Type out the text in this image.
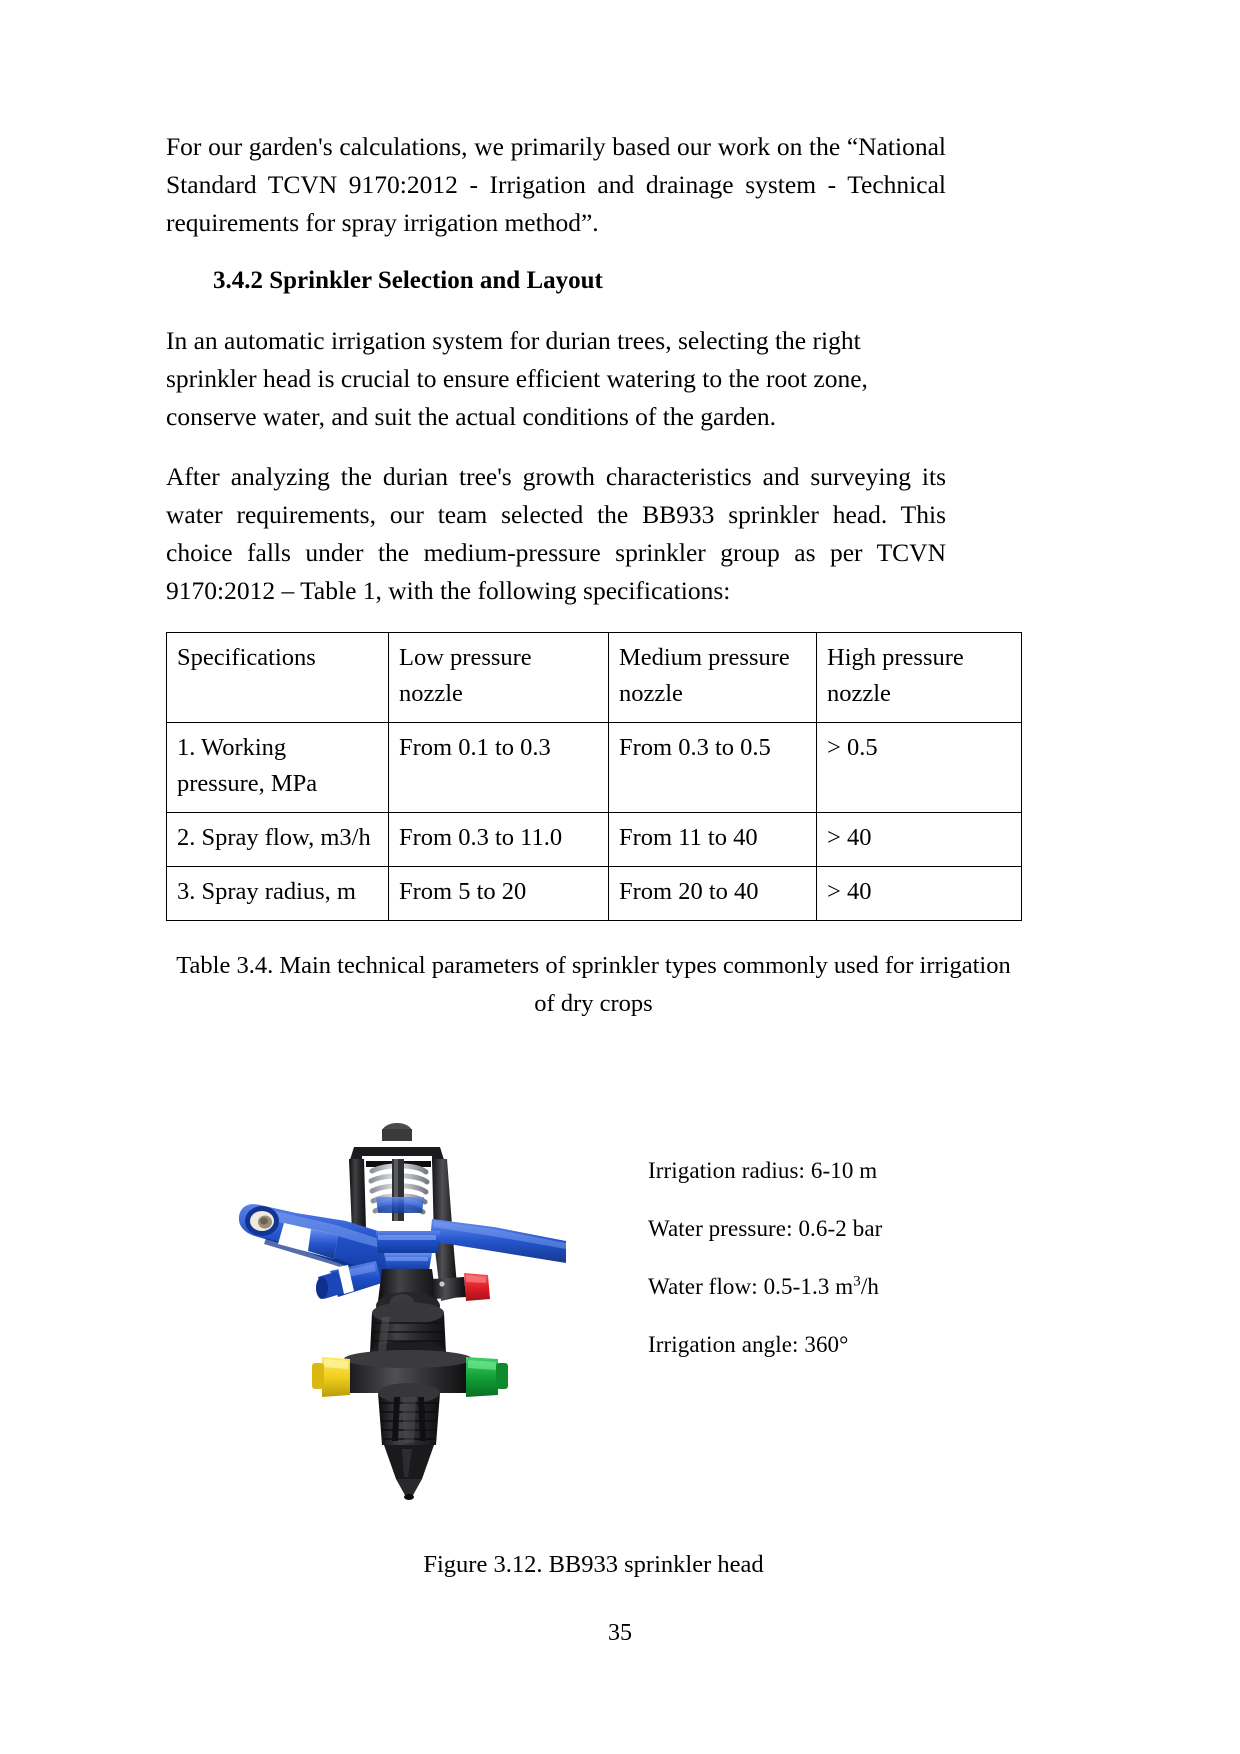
For our garden's calculations, we primarily based our work on the “National Standard TCVN 9170:2012 - Irrigation and drainage system - Technical requirements for spray irrigation method”.

3.4.2 Sprinkler Selection and Layout

In an automatic irrigation system for durian trees, selecting the right sprinkler head is crucial to ensure efficient watering to the root zone, conserve water, and suit the actual conditions of the garden.

After analyzing the durian tree's growth characteristics and surveying its water requirements, our team selected the BB933 sprinkler head. This choice falls under the medium-pressure sprinkler group as per TCVN 9170:2012 – Table 1, with the following specifications:

Specifications	Low pressure nozzle	Medium pressure nozzle	High pressure nozzle
1. Working pressure, MPa	From 0.1 to 0.3	From 0.3 to 0.5	> 0.5
2. Spray flow, m3/h	From 0.3 to 11.0	From 11 to 40	> 40
3. Spray radius, m	From 5 to 20	From 20 to 40	> 40
Table 3.4. Main technical parameters of sprinkler types commonly used for irrigation of dry crops
Irrigation radius: 6-10 m
Water pressure: 0.6-2 bar
Water flow: 0.5-1.3 $m^3/h$
Irrigation angle: 360°
Figure 3.12. BB933 sprinkler head
35
